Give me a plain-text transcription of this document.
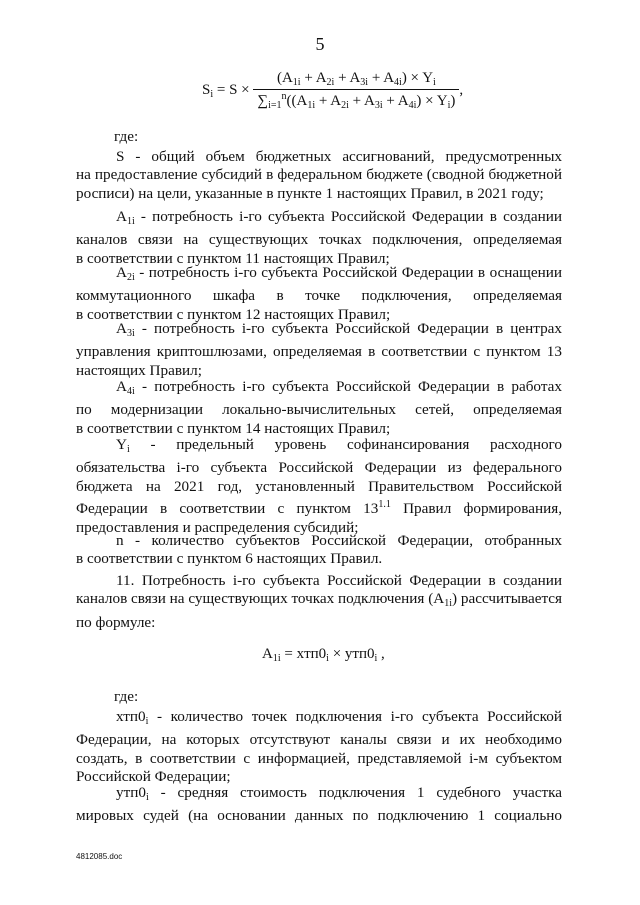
5
$S_i = S \times \frac{(A_{1i} + A_{2i} + A_{3i} + A_{4i}) \times Y_i}{\sum_{i=1}^n((A_{1i} + A_{2i} + A_{3i} + A_{4i}) \times Y_i)}$ ,
где:
S - общий объем бюджетных ассигнований, предусмотренных
на предоставление субсидий в федеральном бюджете (сводной бюджетной
росписи) на цели, указанные в пункте 1 настоящих Правил, в 2021 году;
$A_{1i}$ - потребность i-го субъекта Российской Федерации в создании
каналов связи на существующих точках подключения, определяемая
в соответствии с пунктом 11 настоящих Правил;
$A_{2i}$ - потребность i-го субъекта Российской Федерации в оснащении
коммутационного шкафа в точке подключения, определяемая
в соответствии с пунктом 12 настоящих Правил;
$A_{3i}$ - потребность i-го субъекта Российской Федерации в центрах
управления криптошлюзами, определяемая в соответствии с пунктом 13
настоящих Правил;
$A_{4i}$ - потребность i-го субъекта Российской Федерации в работах
по модернизации локально-вычислительных сетей, определяемая
в соответствии с пунктом 14 настоящих Правил;
$Y_i$ - предельный уровень софинансирования расходного
обязательства i-го субъекта Российской Федерации из федерального
бюджета на 2021 год, установленный Правительством Российской
Федерации в соответствии с пунктом $13^{1.1}$ Правил формирования,
предоставления и распределения субсидий;
n - количество субъектов Российской Федерации, отобранных
в соответствии с пунктом 6 настоящих Правил.
11. Потребность i-го субъекта Российской Федерации в создании
каналов связи на существующих точках подключения $(A_{1i})$ рассчитывается
по формуле:
$A_{1i} = xтп0_i \times утп0_i$ ,
где:
$хтп0_i$ - количество точек подключения i-го субъекта Российской
Федерации, на которых отсутствуют каналы связи и их необходимо
создать, в соответствии с информацией, представляемой i-м субъектом
Российской Федерации;
$утп0_i$ - средняя стоимость подключения 1 судебного участка
мировых судей (на основании данных по подключению 1 социально
4812085.doc
